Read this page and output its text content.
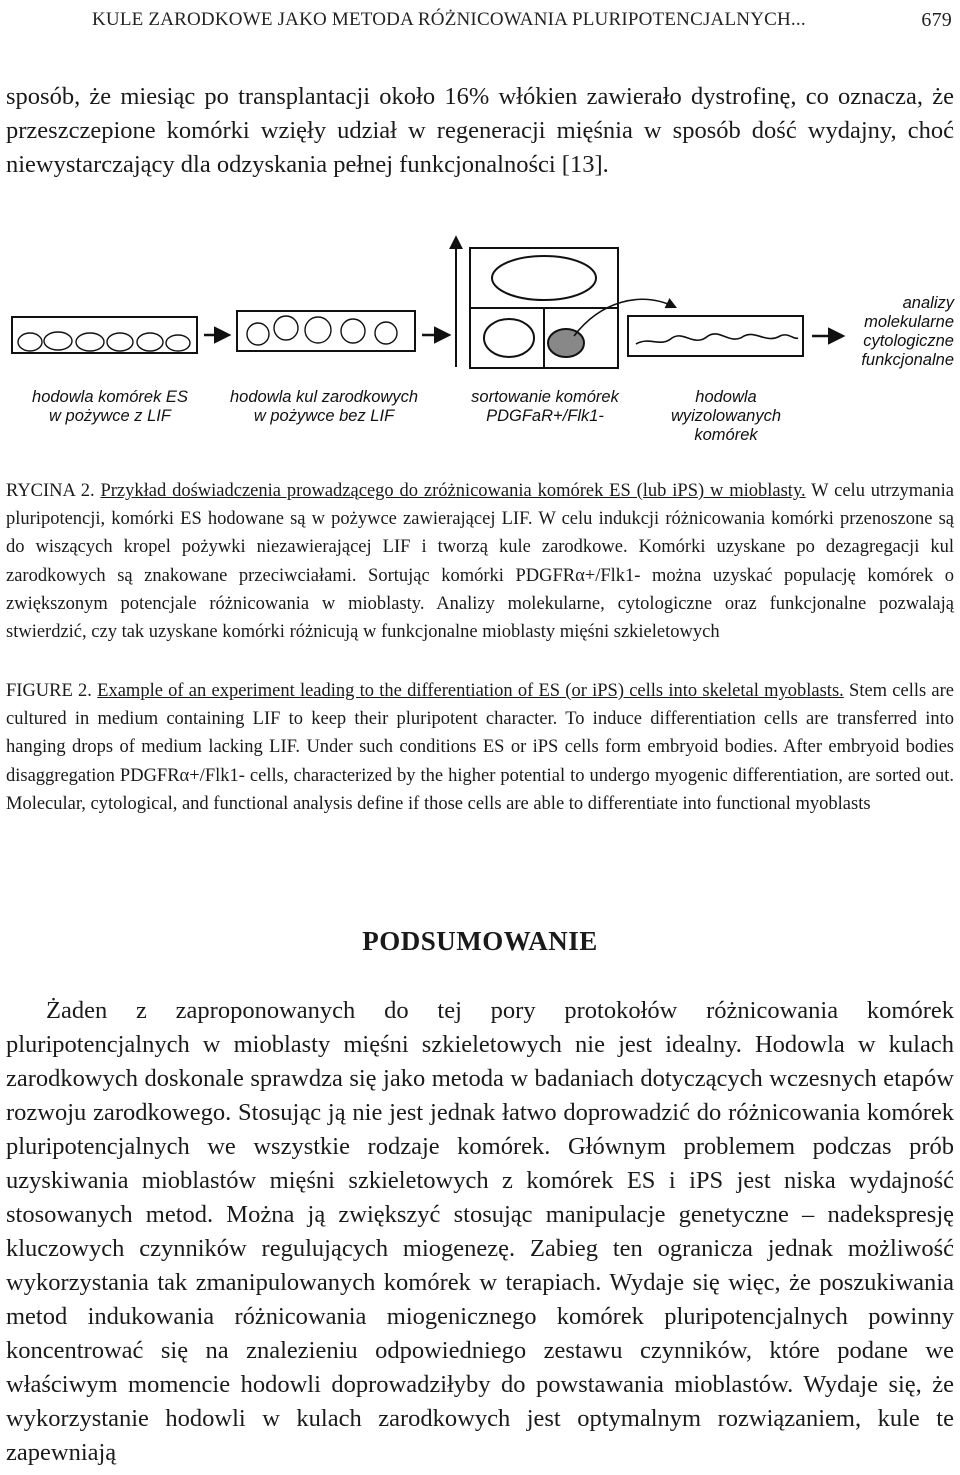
KULE ZARODKOWE JAKO METODA RÓŻNICOWANIA PLURIPOTENCJALNYCH...	679
sposób, że miesiąc po transplantacji około 16% włókien zawierało dystrofinę, co oznacza, że przeszczepione komórki wzięły udział w regeneracji mięśnia w sposób dość wydajny, choć niewystarczający dla odzyskania pełnej funkcjonalności [13].
hodowla komórek ES
w pożywce z LIF
hodowla kul zarodkowych
w pożywce bez LIF
sortowanie komórek
PDGFaR+/Flk1-
hodowla
wyizolowanych
komórek
analizy
molekularne
cytologiczne
funkcjonalne
RYCINA 2. Przykład doświadczenia prowadzącego do zróżnicowania komórek ES (lub iPS) w mioblasty. W celu utrzymania pluripotencji, komórki ES hodowane są w pożywce zawierającej LIF. W celu indukcji różnicowania komórki przenoszone są do wiszących kropel pożywki niezawierającej LIF i tworzą kule zarodkowe. Komórki uzyskane po dezagregacji kul zarodkowych są znakowane przeciwciałami. Sortując komórki PDGFRα+/Flk1- można uzyskać populację komórek o zwiększonym potencjale różnicowania w mioblasty. Analizy molekularne, cytologiczne oraz funkcjonalne pozwalają stwierdzić, czy tak uzyskane komórki różnicują w funkcjonalne mioblasty mięśni szkieletowych
FIGURE 2. Example of an experiment leading to the differentiation of ES (or iPS) cells into skeletal myoblasts. Stem cells are cultured in medium containing LIF to keep their pluripotent character. To induce differentiation cells are transferred into hanging drops of medium lacking LIF. Under such conditions ES or iPS cells form embryoid bodies. After embryoid bodies disaggregation PDGFRα+/Flk1- cells, characterized by the higher potential to undergo myogenic differentiation, are sorted out. Molecular, cytological, and functional analysis define if those cells are able to differentiate into functional myoblasts
PODSUMOWANIE

Żaden z zaproponowanych do tej pory protokołów różnicowania komórek pluripotencjalnych w mioblasty mięśni szkieletowych nie jest idealny. Hodowla w kulach zarodkowych doskonale sprawdza się jako metoda w badaniach dotyczących wczesnych etapów rozwoju zarodkowego. Stosując ją nie jest jednak łatwo doprowadzić do różnicowania komórek pluripotencjalnych we wszystkie rodzaje komórek. Głównym problemem podczas prób uzyskiwania mioblastów mięśni szkieletowych z komórek ES i iPS jest niska wydajność stosowanych metod. Można ją zwiększyć stosując manipulacje genetyczne – nadekspresję kluczowych czynników regulujących miogenezę. Zabieg ten ogranicza jednak możliwość wykorzystania tak zmanipulowanych komórek w terapiach. Wydaje się więc, że poszukiwania metod indukowania różnicowania miogenicznego komórek pluripotencjalnych powinny koncentrować się na znalezieniu odpowiedniego zestawu czynników, które podane we właściwym momencie hodowli doprowadziłyby do powstawania mioblastów. Wydaje się, że wykorzystanie hodowli w kulach zarodkowych jest optymalnym rozwiązaniem, kule te zapewniają
